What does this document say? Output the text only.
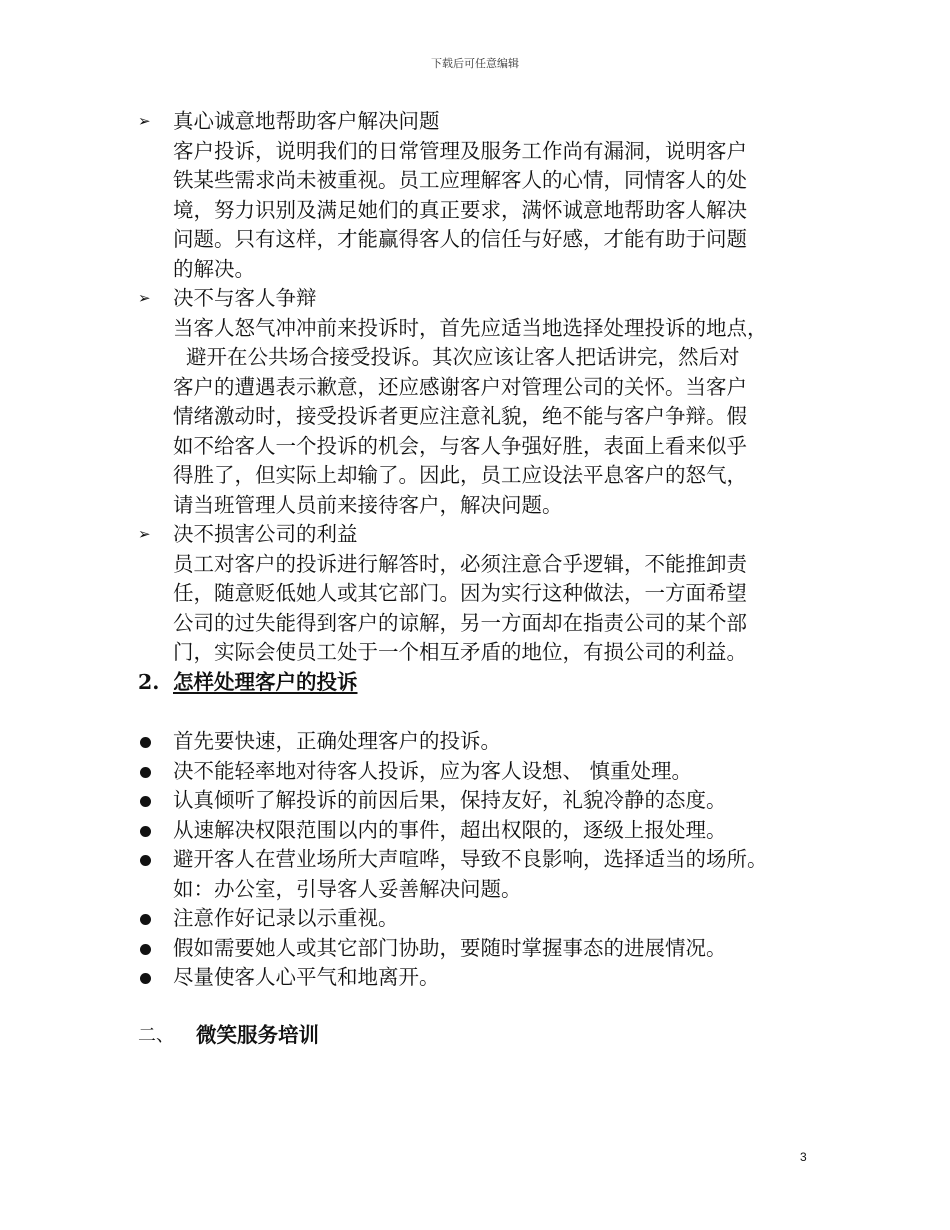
下载后可任意编辑
➢	真心诚意地帮助客户解决问题
客户投诉，说明我们的日常管理及服务工作尚有漏洞，说明客户
铁某些需求尚未被重视。员工应理解客人的心情，同情客人的处
境，努力识别及满足她们的真正要求，满怀诚意地帮助客人解决
问题。只有这样，才能赢得客人的信任与好感，才能有助于问题
的解决。
➢	决不与客人争辩
当客人怒气冲冲前来投诉时，首先应适当地选择处理投诉的地点，
避开在公共场合接受投诉。其次应该让客人把话讲完，然后对
客户的遭遇表示歉意，还应感谢客户对管理公司的关怀。当客户
情绪激动时，接受投诉者更应注意礼貌，绝不能与客户争辩。假
如不给客人一个投诉的机会，与客人争强好胜，表面上看来似乎
得胜了，但实际上却输了。因此，员工应设法平息客户的怒气，
请当班管理人员前来接待客户，解决问题。
➢	决不损害公司的利益
员工对客户的投诉进行解答时，必须注意合乎逻辑，不能推卸责
任，随意贬低她人或其它部门。因为实行这种做法，一方面希望
公司的过失能得到客户的谅解，另一方面却在指责公司的某个部
门，实际会使员工处于一个相互矛盾的地位，有损公司的利益。
2. 怎样处理客户的投诉
首先要快速，正确处理客户的投诉。
决不能轻率地对待客人投诉，应为客人设想、 慎重处理。
认真倾听了解投诉的前因后果，保持友好，礼貌冷静的态度。
从速解决权限范围以内的事件，超出权限的，逐级上报处理。
避开客人在营业场所大声喧哗，导致不良影响，选择适当的场所。
如：办公室，引导客人妥善解决问题。
注意作好记录以示重视。
假如需要她人或其它部门协助，要随时掌握事态的进展情况。
尽量使客人心平气和地离开。
二、 微笑服务培训
3
